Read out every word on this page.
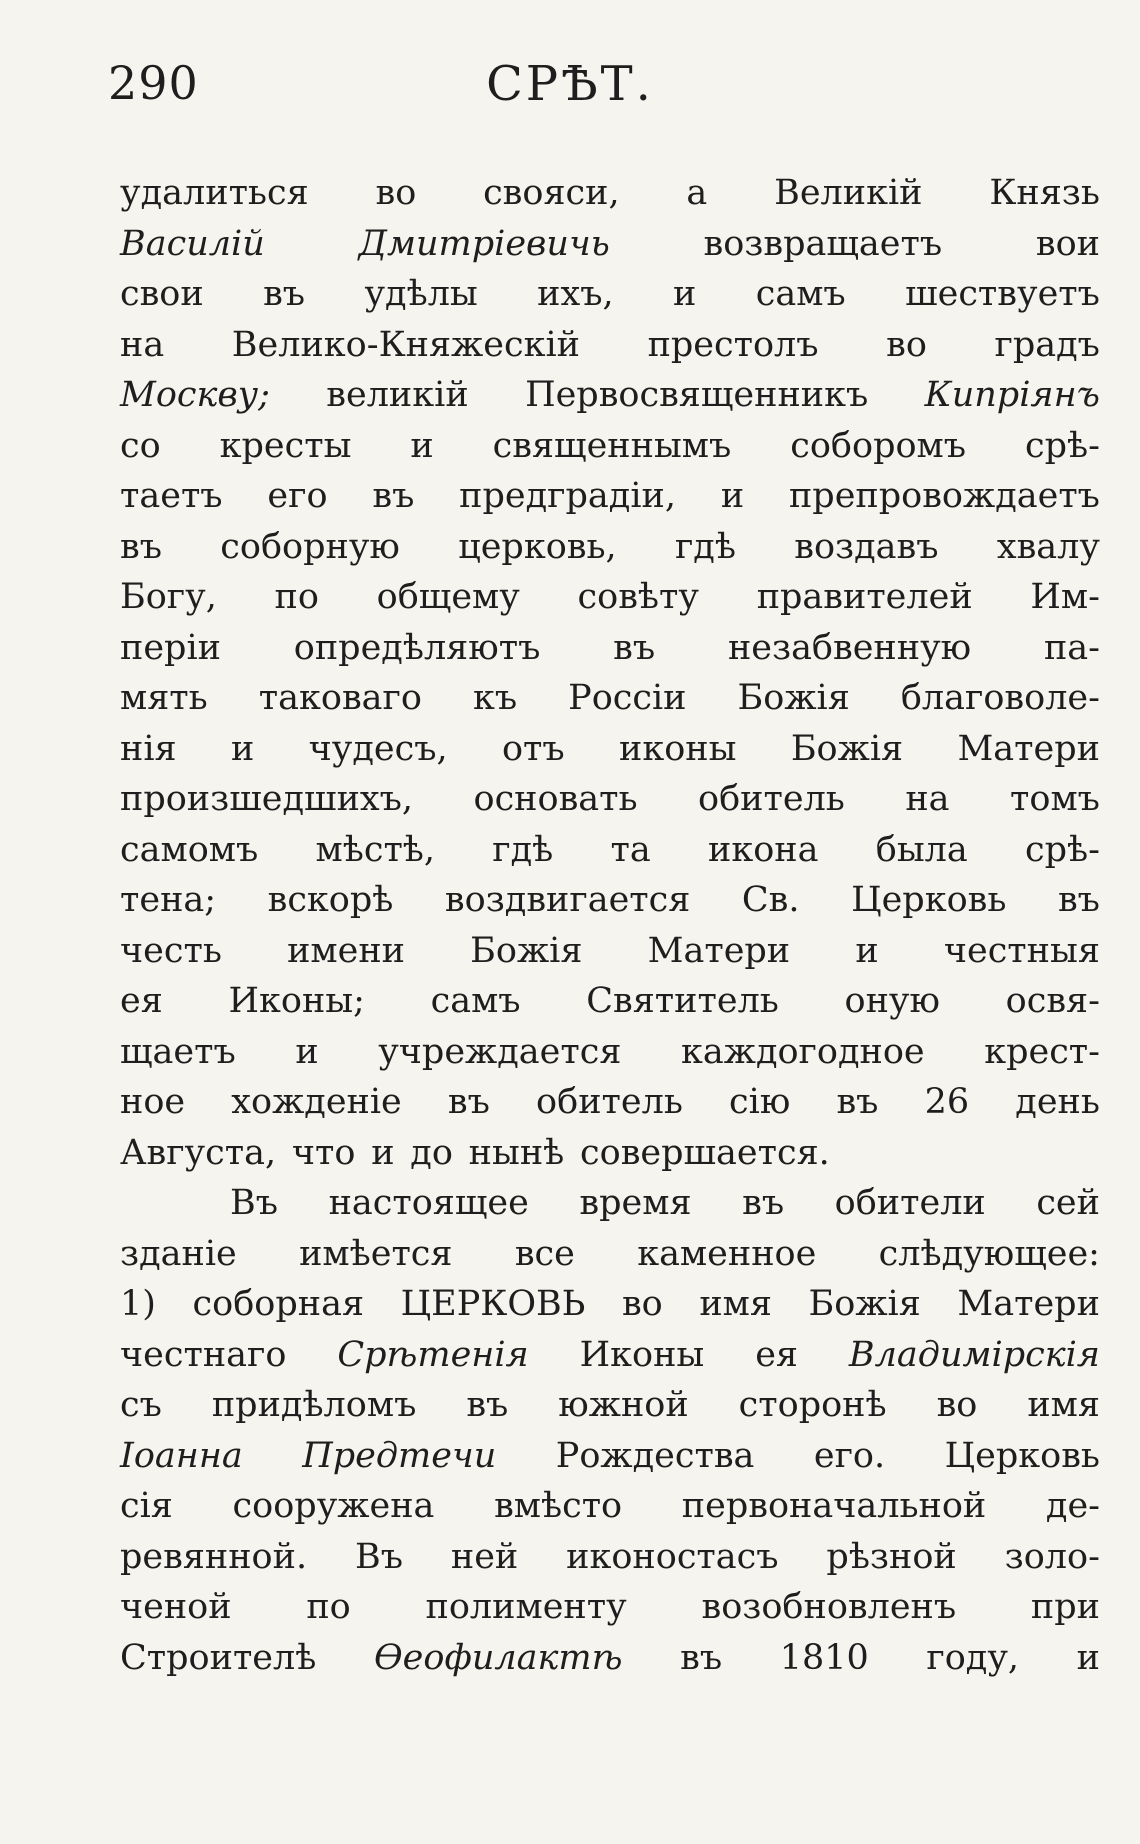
290	СРѢТ.
удалиться во свояси, а Великій Князь
Василій	Дмитріевичь	возвращаетъ	вои
свои въ удѣлы ихъ, и самъ шествуетъ
на Велико-Княжескій престолъ во градъ
Москву; великій Первосвященникъ Кипріянъ
со кресты и священнымъ соборомъ срѣ-
таетъ его въ предградіи, и препровождаетъ
въ соборную церковь, гдѣ воздавъ хвалу
Богу, по общему совѣту правителей Им-
періи опредѣляютъ въ незабвенную па-
мять таковаго къ Россіи Божія благоволе-
нія и чудесъ, отъ иконы Божія Матери
произшедшихъ, основать обитель на томъ
самомъ мѣстѣ, гдѣ та икона была срѣ-
тена; вскорѣ воздвигается Св. Церковь въ
честь имени Божія Матери и честныя
ея Иконы; самъ Святитель оную освя-
щаетъ и учреждается каждогодное крест-
ное хожденіе въ обитель сію въ 26 день
Августа, что и до нынѣ совершается.
Въ настоящее время въ обители сей
зданіе имѣется все каменное слѣдующее:
1) соборная ЦЕРКОВЬ во имя Божія Матери
честнаго Срѣтенія Иконы ея Владимірскія
съ придѣломъ въ южной сторонѣ во имя
Іоанна Предтечи Рождества его. Церковь
сія сооружена вмѣсто первоначальной де-
ревянной. Въ ней иконостасъ рѣзной золо-
ченой по полименту возобновленъ при
Строителѣ Ѳеофилактѣ въ 1810 году, и
